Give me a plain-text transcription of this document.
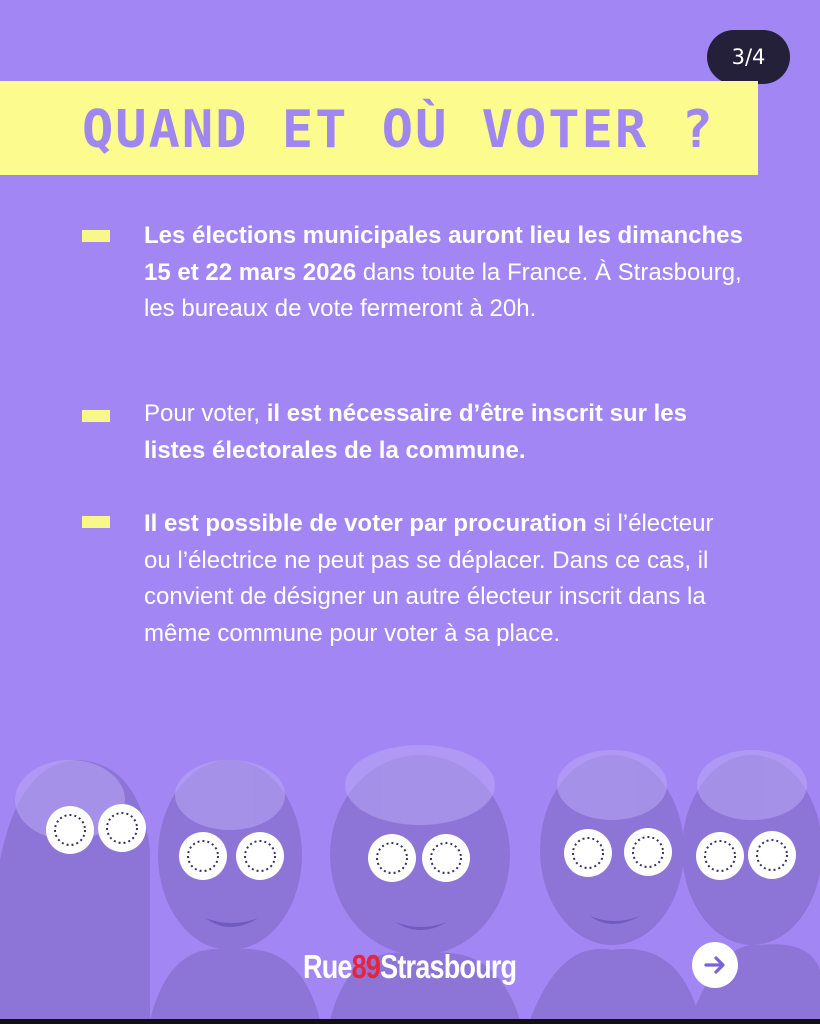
3/4
QUAND ET OÙ VOTER ?

Les élections municipales auront lieu les dimanches 15 et 22 mars 2026 dans toute la France. À Strasbourg, les bureaux de vote fermeront à 20h.

Pour voter, il est nécessaire d’être inscrit sur les listes électorales de la commune.

Il est possible de voter par procuration si l’électeur ou l’électrice ne peut pas se déplacer. Dans ce cas, il convient de désigner un autre électeur inscrit dans la même commune pour voter à sa place.

Rue89Strasbourg
